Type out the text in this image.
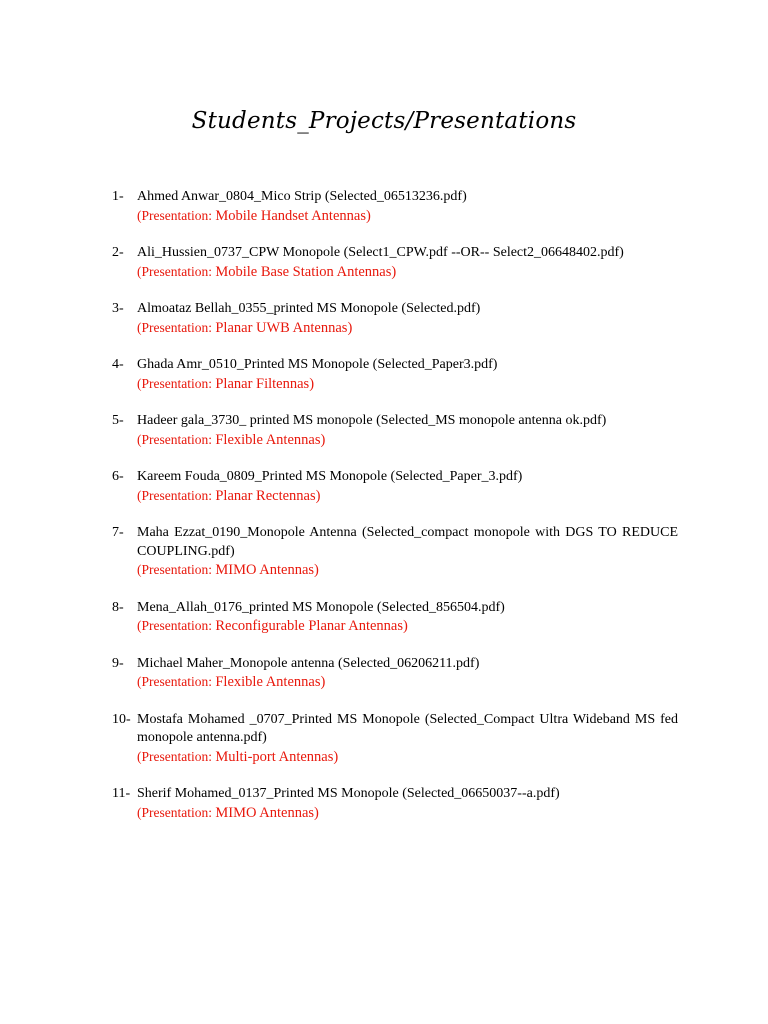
Students_Projects/Presentations
1- Ahmed Anwar_0804_Mico Strip (Selected_06513236.pdf)
(Presentation: Mobile Handset Antennas)
2- Ali_Hussien_0737_CPW Monopole (Select1_CPW.pdf --OR-- Select2_06648402.pdf)
(Presentation: Mobile Base Station Antennas)
3- Almoataz Bellah_0355_printed MS Monopole (Selected.pdf)
(Presentation: Planar UWB Antennas)
4- Ghada Amr_0510_Printed MS Monopole (Selected_Paper3.pdf)
(Presentation: Planar Filtennas)
5- Hadeer gala_3730_ printed MS monopole (Selected_MS monopole antenna ok.pdf)
(Presentation: Flexible Antennas)
6- Kareem Fouda_0809_Printed MS Monopole (Selected_Paper_3.pdf)
(Presentation: Planar Rectennas)
7- Maha Ezzat_0190_Monopole Antenna (Selected_compact monopole with DGS TO REDUCE COUPLING.pdf)
(Presentation: MIMO Antennas)
8- Mena_Allah_0176_printed MS Monopole (Selected_856504.pdf)
(Presentation: Reconfigurable Planar Antennas)
9- Michael Maher_Monopole antenna (Selected_06206211.pdf)
(Presentation: Flexible Antennas)
10- Mostafa Mohamed _0707_Printed MS Monopole (Selected_Compact Ultra Wideband MS fed monopole antenna.pdf)
(Presentation: Multi-port Antennas)
11- Sherif Mohamed_0137_Printed MS Monopole (Selected_06650037--a.pdf)
(Presentation: MIMO Antennas)
